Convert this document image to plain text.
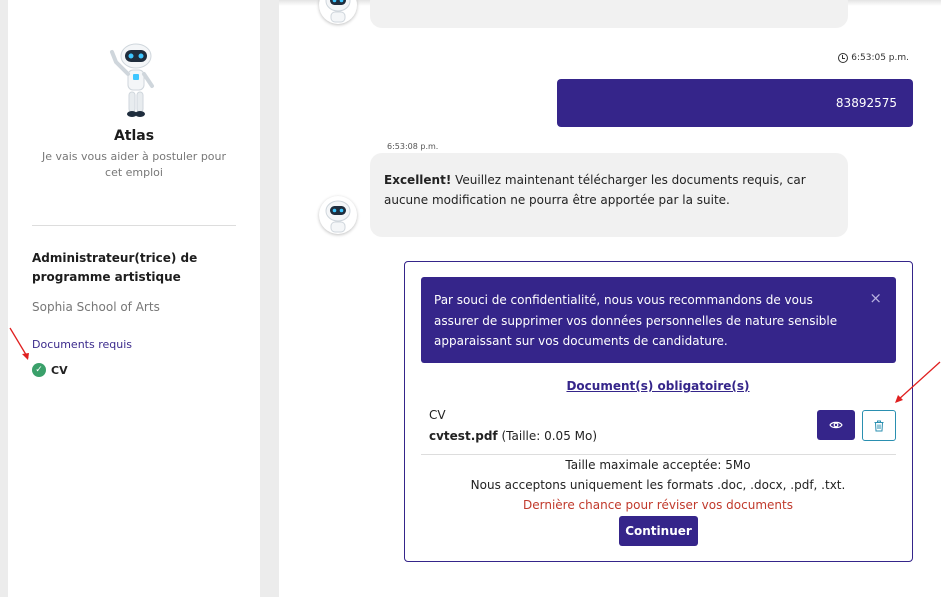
Atlas
Je vais vous aider à postuler pour cet emploi
Administrateur(trice) de programme artistique
Sophia School of Arts
Documents requis
✓ CV
6:53:05 p.m.
83892575
6:53:08 p.m.
Excellent! Veuillez maintenant télécharger les documents requis, car aucune modification ne pourra être apportée par la suite.
Par souci de confidentialité, nous vous recommandons de vous assurer de supprimer vos données personnelles de nature sensible apparaissant sur vos documents de candidature.
×
Document(s) obligatoire(s)
CV
cvtest.pdf (Taille: 0.05 Mo)
Taille maximale acceptée: 5Mo
Nous acceptons uniquement les formats .doc, .docx, .pdf, .txt.
Dernière chance pour réviser vos documents
Continuer
